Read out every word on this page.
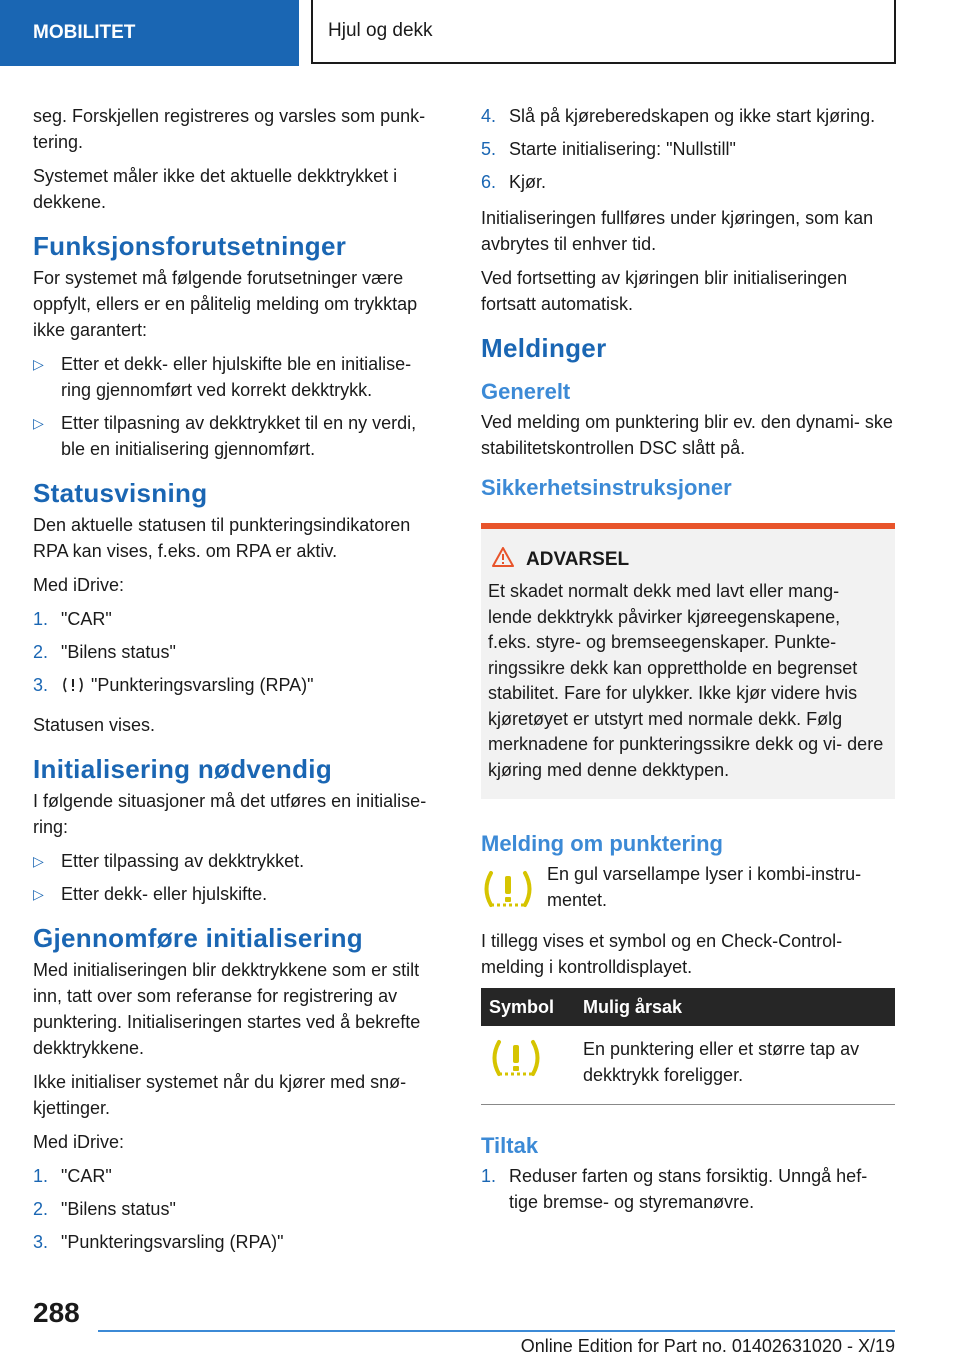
MOBILITET	Hjul og dekk

seg. Forskjellen registreres og varsles som punk- tering.

Systemet måler ikke det aktuelle dekktrykket i dekkene.

Funksjonsforutsetninger

For systemet må følgende forutsetninger være oppfylt, ellers er en pålitelig melding om trykktap ikke garantert:

▷ Etter et dekk- eller hjulskifte ble en initialise- ring gjennomført ved korrekt dekktrykk.
▷ Etter tilpasning av dekktrykket til en ny verdi, ble en initialisering gjennomført.
Statusvisning

Den aktuelle statusen til punkteringsindikatoren RPA kan vises, f.eks. om RPA er aktiv.

Med iDrive:

1. "CAR"
2. "Bilens status"
3. "Punkteringsvarsling (RPA)"

Statusen vises.

Initialisering nødvendig

I følgende situasjoner må det utføres en initialise- ring:

▷ Etter tilpassing av dekktrykket.
▷ Etter dekk- eller hjulskifte.
Gjennomføre initialisering

Med initialiseringen blir dekktrykkene som er stilt inn, tatt over som referanse for registrering av punktering. Initialiseringen startes ved å bekrefte dekktrykkene.

Ikke initialiser systemet når du kjører med snø- kjettinger.

Med iDrive:

1. "CAR"
2. "Bilens status"
3. "Punkteringsvarsling (RPA)"
4. Slå på kjøreberedskapen og ikke start kjøring.
5. Starte initialisering: "Nullstill"
6. Kjør.

Initialiseringen fullføres under kjøringen, som kan avbrytes til enhver tid.

Ved fortsetting av kjøringen blir initialiseringen fortsatt automatisk.

Meldinger
Generelt

Ved melding om punktering blir ev. den dynami- ske stabilitetskontrollen DSC slått på.

Sikkerhetsinstruksjoner
ADVARSEL

Et skadet normalt dekk med lavt eller mang- lende dekktrykk påvirker kjøreegenskapene, f.eks. styre- og bremseegenskaper. Punkte- ringssikre dekk kan opprettholde en begrenset stabilitet. Fare for ulykker. Ikke kjør videre hvis kjøretøyet er utstyrt med normale dekk. Følg merknadene for punkteringssikre dekk og vi- dere kjøring med denne dekktypen.

Melding om punktering

En gul varsellampe lyser i kombi-instru- mentet.

I tillegg vises et symbol og en Check-Control- melding i kontrolldisplayet.

Symbol	Mulig årsak
	En punktering eller et større tap av dekktrykk foreligger.
Tiltak
1. Reduser farten og stans forsiktig. Unngå hef- tige bremse- og styremanøvre.
288
Online Edition for Part no. 01402631020 - X/19
